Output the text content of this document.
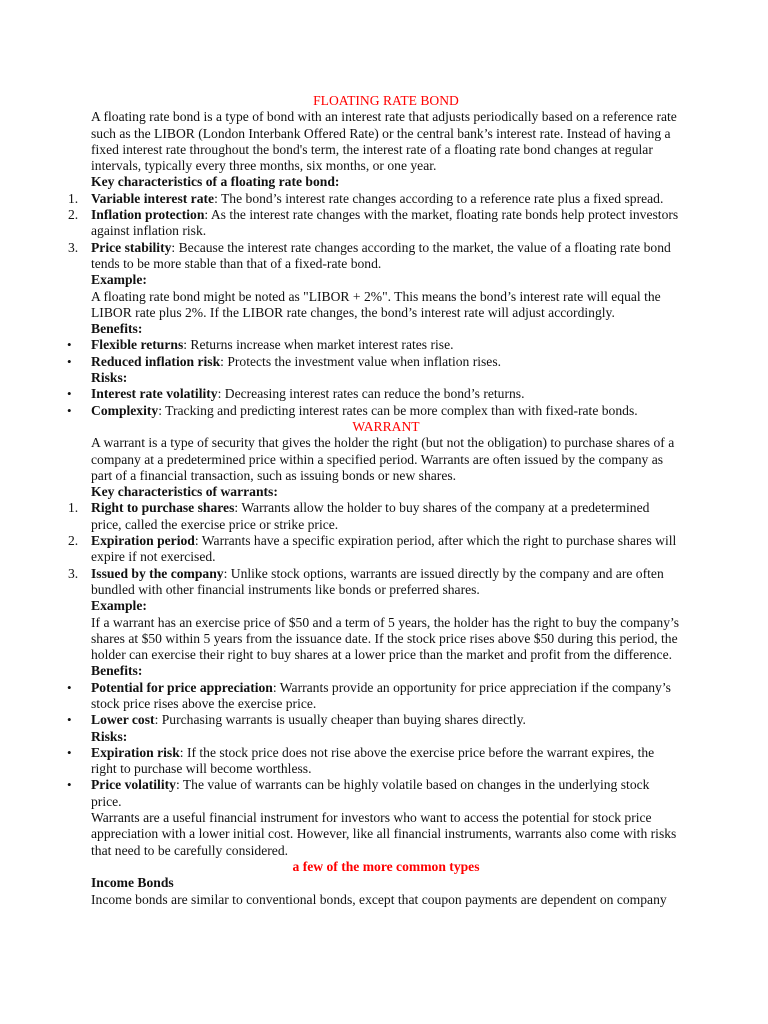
FLOATING RATE BOND

A floating rate bond is a type of bond with an interest rate that adjusts periodically based on a reference rate such as the LIBOR (London Interbank Offered Rate) or the central bank’s interest rate. Instead of having a fixed interest rate throughout the bond's term, the interest rate of a floating rate bond changes at regular intervals, typically every three months, six months, or one year.

Key characteristics of a floating rate bond:

1. Variable interest rate: The bond’s interest rate changes according to a reference rate plus a fixed spread.
2. Inflation protection: As the interest rate changes with the market, floating rate bonds help protect investors against inflation risk.
3. Price stability: Because the interest rate changes according to the market, the value of a floating rate bond tends to be more stable than that of a fixed-rate bond.

Example:

A floating rate bond might be noted as "LIBOR + 2%". This means the bond’s interest rate will equal the LIBOR rate plus 2%. If the LIBOR rate changes, the bond’s interest rate will adjust accordingly.

Benefits:

•	Flexible returns: Returns increase when market interest rates rise.
•	Reduced inflation risk: Protects the investment value when inflation rises.

Risks:

•	Interest rate volatility: Decreasing interest rates can reduce the bond’s returns.
•	Complexity: Tracking and predicting interest rates can be more complex than with fixed-rate bonds.

WARRANT

A warrant is a type of security that gives the holder the right (but not the obligation) to purchase shares of a company at a predetermined price within a specified period. Warrants are often issued by the company as part of a financial transaction, such as issuing bonds or new shares.

Key characteristics of warrants:

1. Right to purchase shares: Warrants allow the holder to buy shares of the company at a predetermined price, called the exercise price or strike price.
2. Expiration period: Warrants have a specific expiration period, after which the right to purchase shares will expire if not exercised.
3. Issued by the company: Unlike stock options, warrants are issued directly by the company and are often bundled with other financial instruments like bonds or preferred shares.

Example:

If a warrant has an exercise price of $50 and a term of 5 years, the holder has the right to buy the company’s shares at $50 within 5 years from the issuance date. If the stock price rises above $50 during this period, the holder can exercise their right to buy shares at a lower price than the market and profit from the difference.

Benefits:

•	Potential for price appreciation: Warrants provide an opportunity for price appreciation if the company’s stock price rises above the exercise price.
•	Lower cost: Purchasing warrants is usually cheaper than buying shares directly.

Risks:

•	Expiration risk: If the stock price does not rise above the exercise price before the warrant expires, the right to purchase will become worthless.
•	Price volatility: The value of warrants can be highly volatile based on changes in the underlying stock price.

Warrants are a useful financial instrument for investors who want to access the potential for stock price appreciation with a lower initial cost. However, like all financial instruments, warrants also come with risks that need to be carefully considered.

a few of the more common types

Income Bonds

Income bonds are similar to conventional bonds, except that coupon payments are dependent on company
